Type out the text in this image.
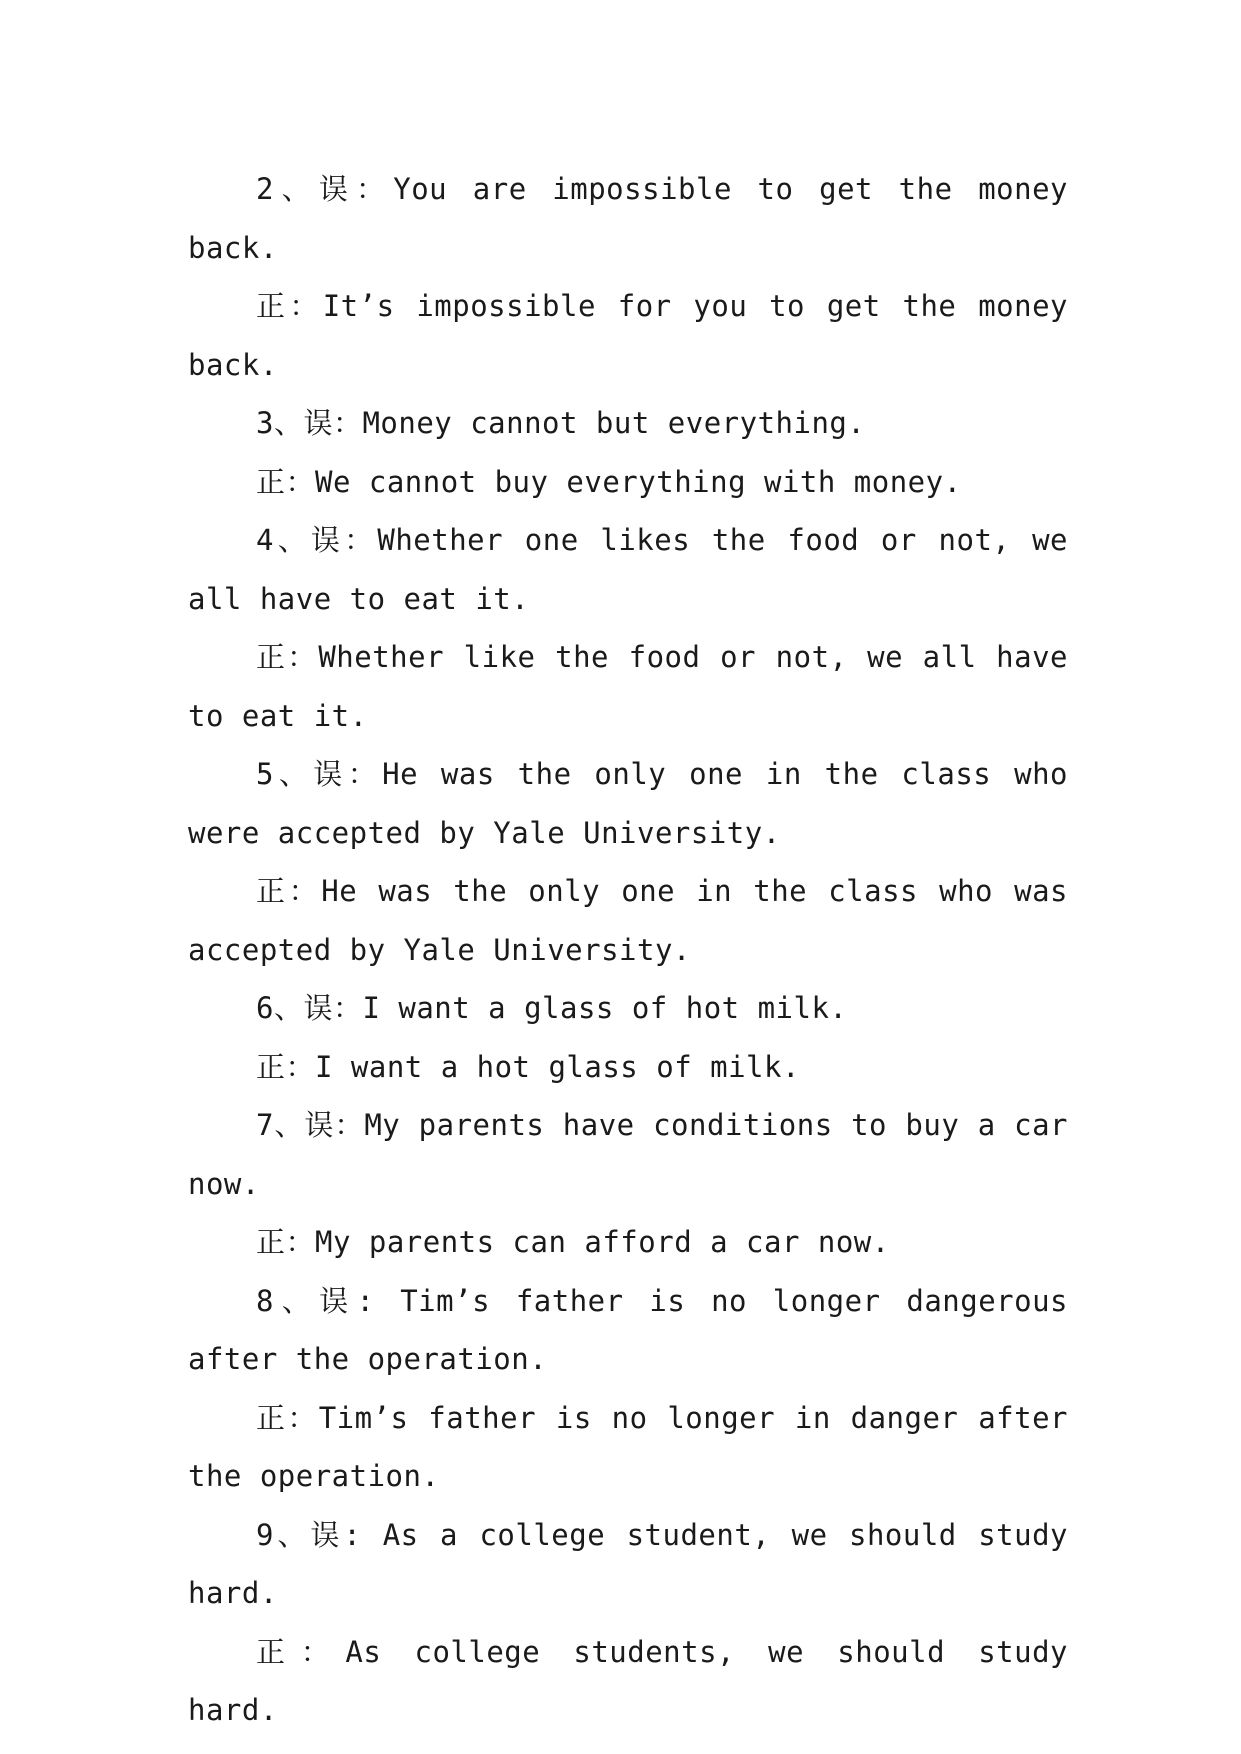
2、误：You are impossible to get the money back.

正：It’s impossible for you to get the money back.

3、误：Money cannot but everything.

正：We cannot buy everything with money.

4、误：Whether one likes the food or not, we all have to eat it.

正：Whether like the food or not, we all have to eat it.

5、误：He was the only one in the class who were accepted by Yale University.

正：He was the only one in the class who was accepted by Yale University.

6、误：I want a glass of hot milk.

正：I want a hot glass of milk.

7、误：My parents have conditions to buy a car now.

正：My parents can afford a car now.

8、误: Tim’s father is no longer dangerous after the operation.

正：Tim’s father is no longer in danger after the operation.

9、误: As a college student, we should study hard.

正：As college students, we should study hard.
